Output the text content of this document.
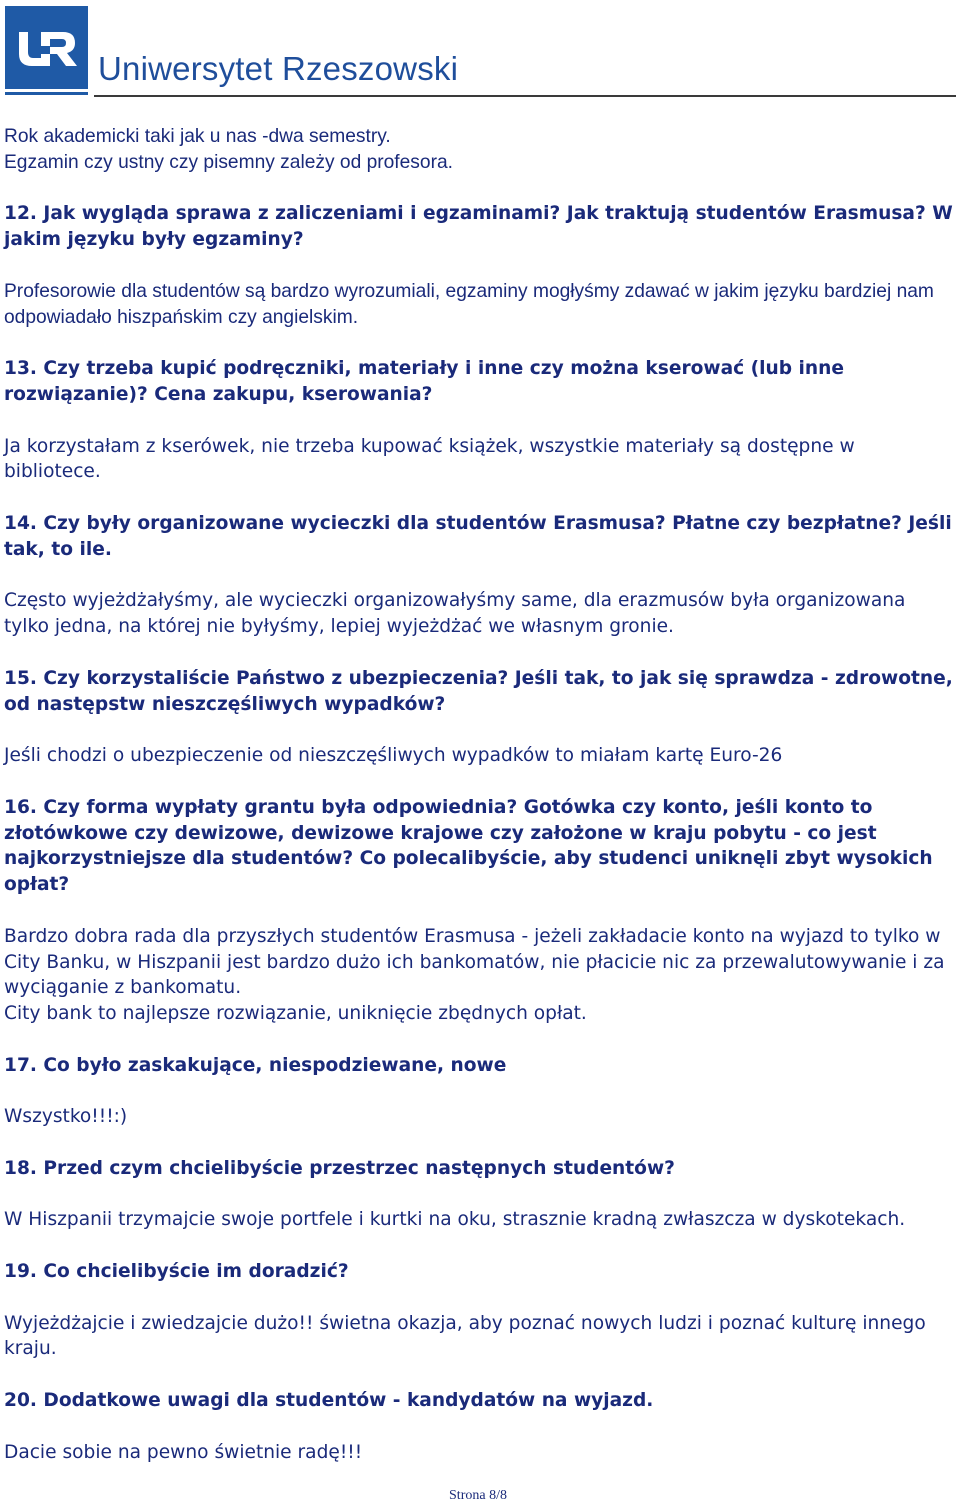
Uniwersytet Rzeszowski

Rok akademicki taki jak u nas -dwa semestry.

Egzamin czy ustny czy pisemny zależy od profesora.

12. Jak wygląda sprawa z zaliczeniami i egzaminami? Jak traktują studentów Erasmusa? W jakim języku były egzaminy?

Profesorowie dla studentów są bardzo wyrozumiali, egzaminy mogłyśmy zdawać w jakim języku bardziej nam odpowiadało hiszpańskim czy angielskim.

13. Czy trzeba kupić podręczniki, materiały i inne czy można kserować (lub inne rozwiązanie)? Cena zakupu, kserowania?

Ja korzystałam z kserówek, nie trzeba kupować książek, wszystkie materiały są dostępne w bibliotece.

14. Czy były organizowane wycieczki dla studentów Erasmusa? Płatne czy bezpłatne? Jeśli tak, to ile.

Często wyjeżdżałyśmy, ale wycieczki organizowałyśmy same, dla erazmusów była organizowana tylko jedna, na której nie byłyśmy, lepiej wyjeżdżać we własnym gronie.

15. Czy korzystaliście Państwo z ubezpieczenia? Jeśli tak, to jak się sprawdza - zdrowotne, od następstw nieszczęśliwych wypadków?

Jeśli chodzi o ubezpieczenie od nieszczęśliwych wypadków to miałam kartę Euro-26

16. Czy forma wypłaty grantu była odpowiednia? Gotówka czy konto, jeśli konto to złotówkowe czy dewizowe, dewizowe krajowe czy założone w kraju pobytu - co jest najkorzystniejsze dla studentów? Co polecalibyście, aby studenci uniknęli zbyt wysokich opłat?

Bardzo dobra rada dla przyszłych studentów Erasmusa - jeżeli zakładacie konto na wyjazd to tylko w City Banku, w Hiszpanii jest bardzo dużo ich bankomatów, nie płacicie nic za przewalutowywanie i za wyciąganie z bankomatu.

City bank to najlepsze rozwiązanie, uniknięcie zbędnych opłat.

17. Co było zaskakujące, niespodziewane, nowe

Wszystko!!!:)

18. Przed czym chcielibyście przestrzec następnych studentów?

W Hiszpanii trzymajcie swoje portfele i kurtki na oku, strasznie kradną zwłaszcza w dyskotekach.

19. Co chcielibyście im doradzić?

Wyjeżdżajcie i zwiedzajcie dużo!! świetna okazja, aby poznać nowych ludzi i poznać kulturę innego kraju.

20. Dodatkowe uwagi dla studentów - kandydatów na wyjazd.

Dacie sobie na pewno świetnie radę!!!

Strona 8/8
